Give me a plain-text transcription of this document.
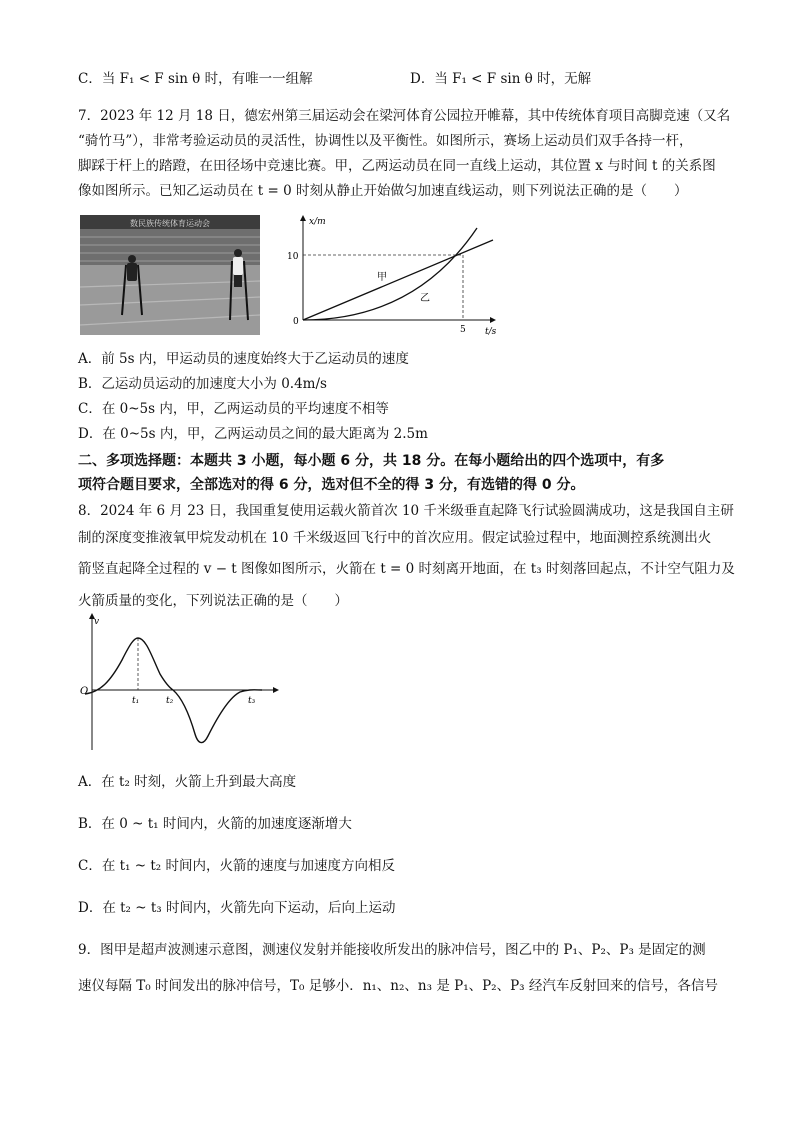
C．当 F₁ < F sin θ 时，有唯一一组解	D．当 F₁ < F sin θ 时，无解
7．2023 年 12 月 18 日，德宏州第三届运动会在梁河体育公园拉开帷幕，其中传统体育项目高脚竞速（又名
“骑竹马”），非常考验运动员的灵活性，协调性以及平衡性。如图所示，赛场上运动员们双手各持一杆，
脚踩于杆上的踏蹬，在田径场中竞速比赛。甲，乙两运动员在同一直线上运动，其位置 x 与时间 t 的关系图
像如图所示。已知乙运动员在 t = 0 时刻从静止开始做匀加速直线运动，则下列说法正确的是（　　）
数民族传统体育运动会	x/m
t/s
0
10
5
甲
乙
A．前 5s 内，甲运动员的速度始终大于乙运动员的速度
B．乙运动员运动的加速度大小为 0.4m/s
C．在 0~5s 内，甲，乙两运动员的平均速度不相等
D．在 0~5s 内，甲，乙两运动员之间的最大距离为 2.5m
二、多项选择题：本题共 3 小题，每小题 6 分，共 18 分。在每小题给出的四个选项中，有多
项符合题目要求，全部选对的得 6 分，选对但不全的得 3 分，有选错的得 0 分。
8．2024 年 6 月 23 日，我国重复使用运载火箭首次 10 千米级垂直起降飞行试验圆满成功，这是我国自主研
制的深度变推液氧甲烷发动机在 10 千米级返回飞行中的首次应用。假定试验过程中，地面测控系统测出火
箭竖直起降全过程的 v − t 图像如图所示，火箭在 t = 0 时刻离开地面，在 t₃ 时刻落回起点，不计空气阻力及
火箭质量的变化，下列说法正确的是（　　）
v
O
t₁	t₂	t₃
A．在 t₂ 时刻，火箭上升到最大高度
B．在 0 ~ t₁ 时间内，火箭的加速度逐渐增大
C．在 t₁ ~ t₂ 时间内，火箭的速度与加速度方向相反
D．在 t₂ ~ t₃ 时间内，火箭先向下运动，后向上运动
9．图甲是超声波测速示意图，测速仪发射并能接收所发出的脉冲信号，图乙中的 P₁、P₂、P₃ 是固定的测
速仪每隔 T₀ 时间发出的脉冲信号，T₀ 足够小．n₁、n₂、n₃ 是 P₁、P₂、P₃ 经汽车反射回来的信号，各信号
